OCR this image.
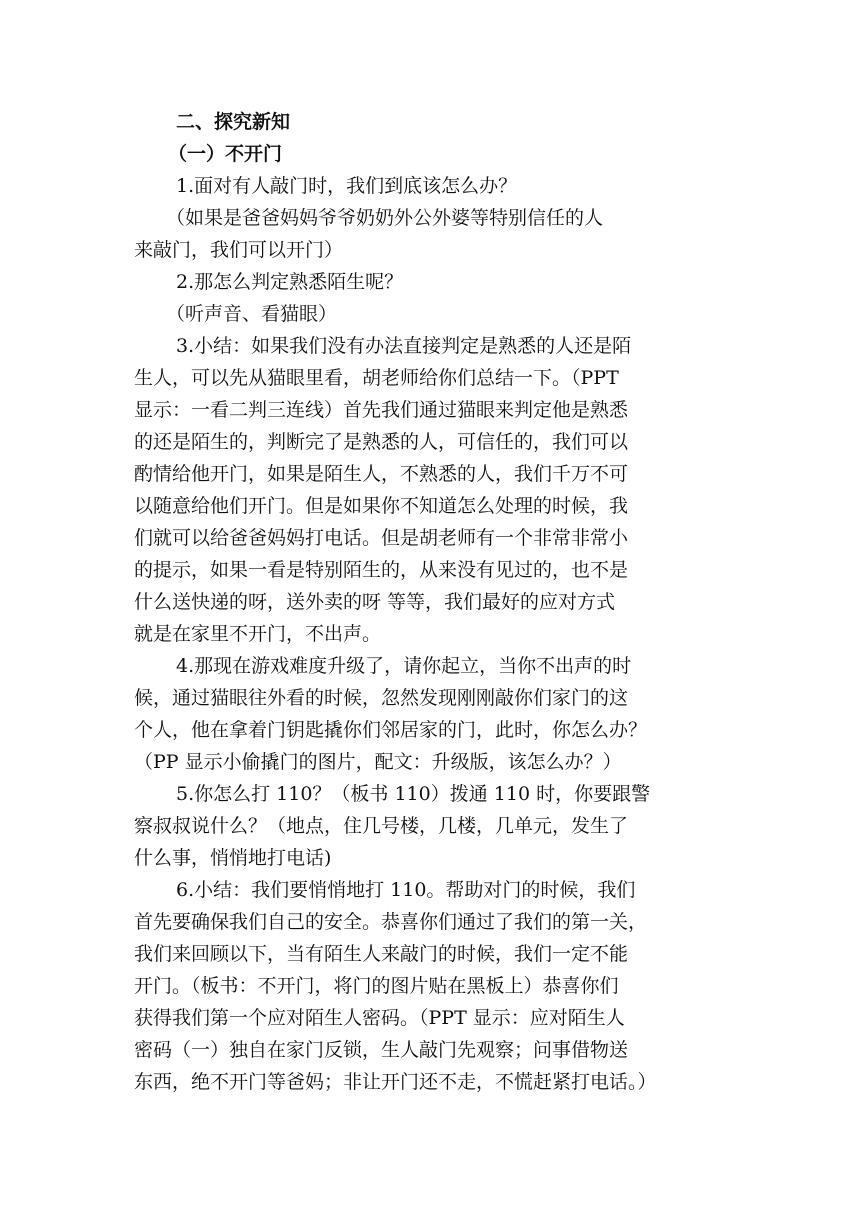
二、探究新知
（一）不开门
1.面对有人敲门时，我们到底该怎么办？
（如果是爸爸妈妈爷爷奶奶外公外婆等特别信任的人
来敲门，我们可以开门）
2.那怎么判定熟悉陌生呢？
（听声音、看猫眼）
3.小结：如果我们没有办法直接判定是熟悉的人还是陌
生人，可以先从猫眼里看，胡老师给你们总结一下。（PPT
显示：一看二判三连线）首先我们通过猫眼来判定他是熟悉
的还是陌生的，判断完了是熟悉的人，可信任的，我们可以
酌情给他开门，如果是陌生人，不熟悉的人，我们千万不可
以随意给他们开门。但是如果你不知道怎么处理的时候，我
们就可以给爸爸妈妈打电话。但是胡老师有一个非常非常小
的提示，如果一看是特别陌生的，从来没有见过的，也不是
什么送快递的呀，送外卖的呀 等等，我们最好的应对方式
就是在家里不开门，不出声。
4.那现在游戏难度升级了，请你起立，当你不出声的时
候，通过猫眼往外看的时候，忽然发现刚刚敲你们家门的这
个人，他在拿着门钥匙撬你们邻居家的门，此时，你怎么办？
（PP 显示小偷撬门的图片，配文：升级版，该怎么办？）
5.你怎么打 110？（板书 110）拨通 110 时，你要跟警
察叔叔说什么？（地点，住几号楼，几楼，几单元，发生了
什么事，悄悄地打电话)
6.小结：我们要悄悄地打 110。帮助对门的时候，我们
首先要确保我们自己的安全。恭喜你们通过了我们的第一关，
我们来回顾以下，当有陌生人来敲门的时候，我们一定不能
开门。（板书：不开门，将门的图片贴在黑板上）恭喜你们
获得我们第一个应对陌生人密码。（PPT 显示：应对陌生人
密码（一）独自在家门反锁，生人敲门先观察；问事借物送
东西，绝不开门等爸妈；非让开门还不走，不慌赶紧打电话。）
